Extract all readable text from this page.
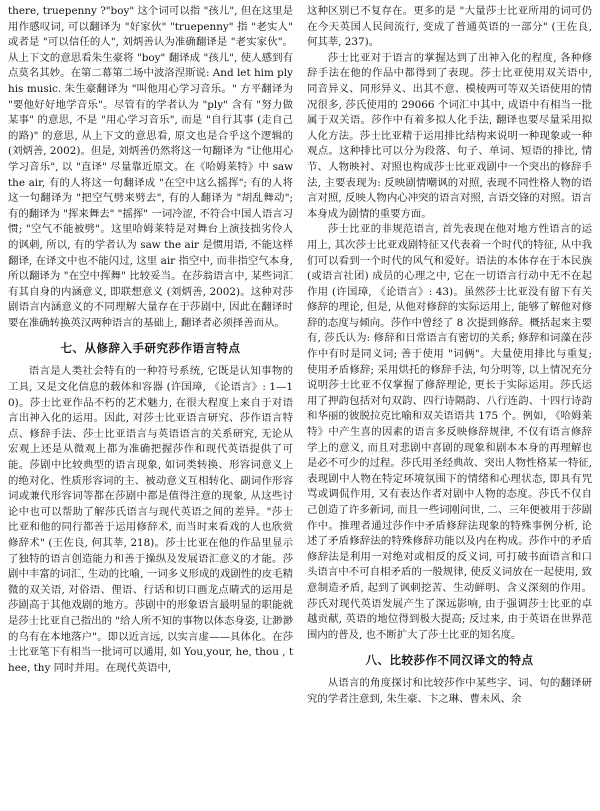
there, truepenny ?"boy" 这个词可以指 "孩儿", 但在这里是用作感叹词, 可以翻译为 "好家伙" "truepenny" 指 "老实人" 或者是 "可以信任的人", 刘炳善认为准确翻译是 "老实家伙"。从上下文的意思看朱生豪将 "boy" 翻译成 "孩儿", 使人感到有点莫名其妙。在第二幕第二场中波洛涅斯说: And let him ply his music. 朱生豪翻译为 "叫他用心学习音乐。" 方平翻译为 "要他好好地学音乐"。尽管有的学者认为 "ply" 含有 "努力做某事" 的意思, 不是 "用心学习音乐", 而是 "自行其事 (走自己的路)" 的意思, 从上下文的意思看, 原文也是合乎这个逻辑的 (刘炳善, 2002)。但是, 刘炳善仍然将这一句翻译为 "让他用心学习音乐", 以 "直译" 尽量靠近原文。在《哈姆莱特》中 saw the air, 有的人将这一句翻译成 "在空中这么摇挥"; 有的人将这一句翻译为 "把空气劈来劈去", 有的人翻译为 "胡乱舞动"; 有的翻译为 "挥来舞去" "摇挥" 一词冷涩, 不符合中国人语言习惯; "空气不能被劈"。这里哈姆莱特是对舞台上演技拙劣伶人的讽刺, 所以, 有的学者认为 saw the air 是惯用语, 不能这样翻译, 在译文中也不能闪过, 这里 air 指空中, 而非指空气本身, 所以翻译为 "在空中挥舞" 比较妥当。在莎翁语言中, 某些词汇有其自身的内涵意义, 即联想意义 (刘炳善, 2002)。这种对莎剧语言内涵意义的不同理解大量存在于莎剧中, 因此在翻译时要在准确转换英汉两种语言的基础上, 翻译者必须择善而从。

七、从修辞入手研究莎作语言特点

语言是人类社会特有的一种符号系统, 它既是认知事物的工具, 又是文化信息的载体和容器 (许国璋, 《论语言》: 1—10)。莎士比亚作品不朽的艺术魅力, 在很大程度上来自于对语言出神入化的运用。因此, 对莎士比亚语言研究、莎作语言特点、修辞手法、莎士比亚语言与英语语言的关系研究, 无论从宏观上还是从微观上都为准确把握莎作和现代英语提供了可能。莎剧中比较典型的语言现象, 如词类转换、形容词意义上的绝对化、性质形容词的主、被动意义互相转化、副词作形容词或兼代形容词等都在莎剧中都是值得注意的现象, 从这些讨论中也可以帮助了解莎氏语言与现代英语之间的差异。"莎士比亚和他的同行都善于运用修辞术, 而当时来看戏的人也欣赏修辞术" (王佐良, 何其莘, 218)。莎士比亚在他的作品里显示了独特的语言创造能力和善于操纵及发展语汇意义的才能。莎剧中丰富的词汇, 生动的比喻, 一词多义形成的戏剧性的皮毛精微的双关语, 对俗语、俚语、行话和切口画龙点睛式的运用是莎剧高于其他戏剧的地方。莎剧中的形象语言最明显的职能就是莎士比亚自己指出的 "给人所不知的事物以体态身姿, 让渺渺的乌有在本地落户"。即以近言远, 以实言虚——具体化。在莎士比亚笔下有相当一批词可以通用, 如 You,your, he, thou , thee, thy 同时并用。在现代英语中,

这种区别已不复存在。更多的是 "大量莎士比亚所用的词可仍在今天英国人民间流行, 变成了普通英语的一部分" (王佐良, 何其莘, 237)。

莎士比亚对于语言的掌握达到了出神入化的程度, 各种修辞手法在他的作品中都得到了表现。莎士比亚使用双关语中, 同音异义、同形异义、出其不意、模棱两可等双关语使用的情况很多, 莎氏使用的 29066 个词汇中其中, 成语中有相当一批属于双关语。莎作中有着多拟人化手法, 翻译也要尽量采用拟人化方法。莎士比亚精于运用排比结构来说明一种现象或一种观点。这种排比可以分为段落、句子、单词、短语的排比, 情节、人物映衬、对照也构成莎士比亚戏剧中一个突出的修辞手法, 主要表现为: 反映剧情嘲讽的对照, 表现不同性格人物的语言对照, 反映人物内心冲突的语言对照, 言语交锋的对照。语言本身成为剧情的重要方面。

莎士比亚的非规范语言, 首先表现在他对地方性语言的运用上, 其次莎士比亚戏剧特征又代表着一个时代的特征, 从中我们可以看到一个时代的风气和爱好。语法的本体存在于本民族 (或语言社团) 成员的心理之中, 它在一切语言行动中无不在起作用 (许国璋, 《论语言》: 43)。虽然莎士比亚没有留下有关修辞的理论, 但是, 从他对修辞的实际运用上, 能够了解他对修辞的态度与倾向。莎作中曾经了 8 次提到修辞。概括起来主要有, 莎氏认为: 修辞和日常语言有密切的关系; 修辞和词藻在莎作中有时是同义词; 善于使用 "词俩"。大量使用排比与重复; 使用矛盾修辞; 采用烘托的修辞手法, 句分明等, 以上情况充分说明莎士比亚不仅掌握了修辞理论, 更长于实际运用。莎氏运用了押韵包括对句双韵、四行诗隔韵、八行连韵、十四行诗韵和华丽的彼脱拉克比喻和双关语语共 175 个。例如, 《哈姆莱特》中产生喜的因素的语言多反映修辞规律, 不仅有语言修辞学上的意义, 而且对悲剧中喜剧的现象和剧本本身的再理解也是必不可少的过程。莎氏用圣经典故、突出人物性格某一特征, 表现剧中人物在特定环境氛围下的情绪和心理状态, 即具有咒骂或调侃作用, 又有表达作者对剧中人物的态度。莎氏不仅自己创造了许多新词, 而且一些词刚问世, 二、三年便被用于莎剧作中。推理者通过莎作中矛盾修辞法现象的特殊事例分析, 论述了矛盾修辞法的特殊修辞功能以及内在构成。莎作中的矛盾修辞法是利用一对绝对或相反的反义词, 可打破书面语言和口头语言中不可自相矛盾的一般规律, 使反义词放在一起使用, 致意制造矛盾, 起到了讽刺挖苦、生动鲜明、含义深刻的作用。莎氏对现代英语发展产生了深远影响, 由于强调莎士比亚的卓越贡献, 英语的地位得到极大提高; 反过来, 由于英语在世界范围内的普及, 也不断扩大了莎士比亚的知名度。

八、比较莎作不同汉译文的特点

从语言的角度探讨和比较莎作中某些字、词、句的翻译研究的学者注意到, 朱生豪、卞之琳、曹未风、余
